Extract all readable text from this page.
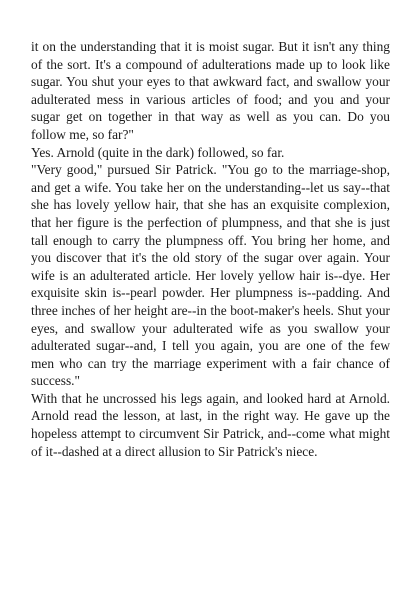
it on the understanding that it is moist sugar. But it isn't any thing of the sort. It's a compound of adulterations made up to look like sugar. You shut your eyes to that awkward fact, and swallow your adulterated mess in various articles of food; and you and your sugar get on together in that way as well as you can. Do you follow me, so far?"

Yes. Arnold (quite in the dark) followed, so far.

"Very good," pursued Sir Patrick. "You go to the marriage-shop, and get a wife. You take her on the understanding--let us say--that she has lovely yellow hair, that she has an exquisite complexion, that her figure is the perfection of plumpness, and that she is just tall enough to carry the plumpness off. You bring her home, and you discover that it's the old story of the sugar over again. Your wife is an adulterated article. Her lovely yellow hair is--dye. Her exquisite skin is--pearl powder. Her plumpness is--padding. And three inches of her height are--in the boot-maker's heels. Shut your eyes, and swallow your adulterated wife as you swallow your adulterated sugar--and, I tell you again, you are one of the few men who can try the marriage experiment with a fair chance of success."

With that he uncrossed his legs again, and looked hard at Arnold. Arnold read the lesson, at last, in the right way. He gave up the hopeless attempt to circumvent Sir Patrick, and--come what might of it--dashed at a direct allusion to Sir Patrick's niece.
